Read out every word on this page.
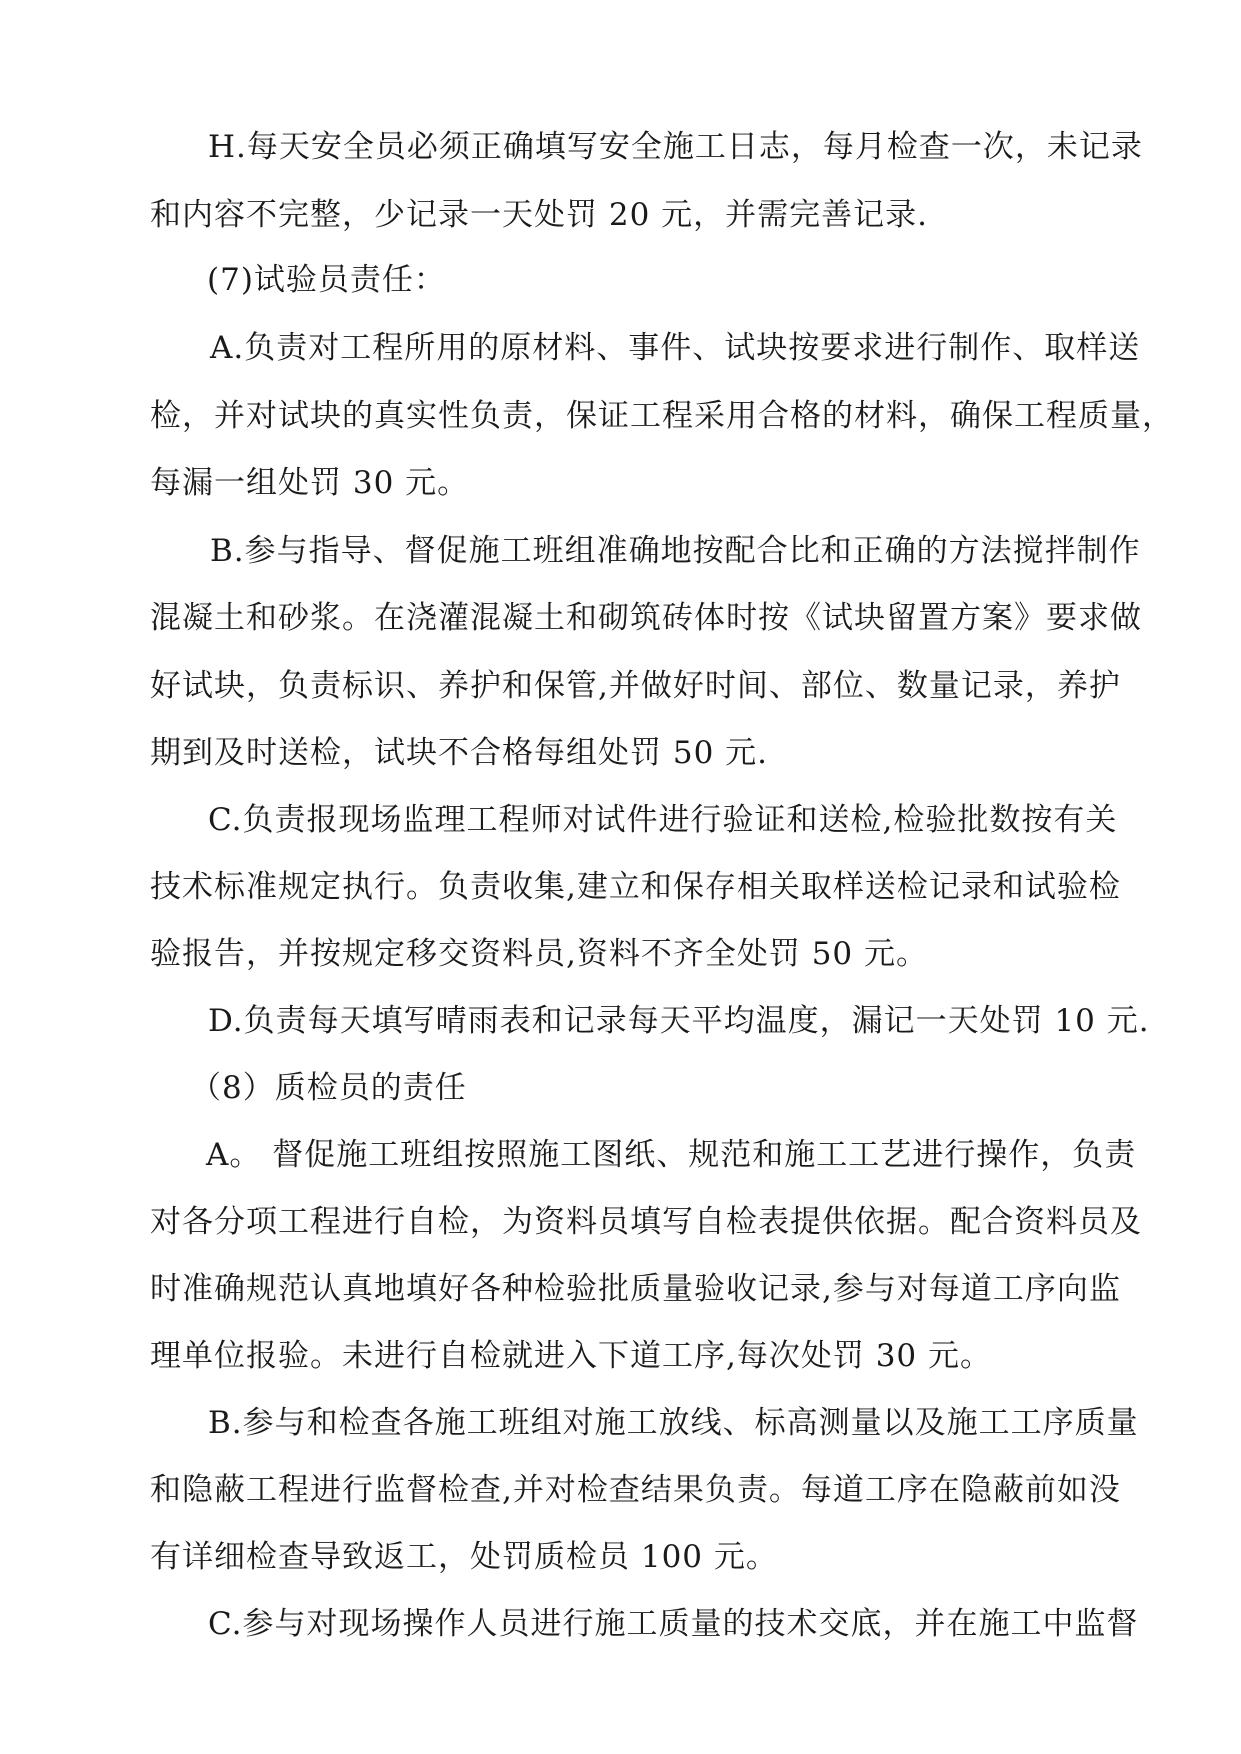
H.每天安全员必须正确填写安全施工日志，每月检查一次，未记录

和内容不完整，少记录一天处罚 20 元，并需完善记录.

(7)试验员责任：

A.负责对工程所用的原材料、事件、试块按要求进行制作、取样送

检，并对试块的真实性负责，保证工程采用合格的材料，确保工程质量，

每漏一组处罚 30 元。

B.参与指导、督促施工班组准确地按配合比和正确的方法搅拌制作

混凝土和砂浆。在浇灌混凝土和砌筑砖体时按《试块留置方案》要求做

好试块，负责标识、养护和保管,并做好时间、部位、数量记录，养护

期到及时送检，试块不合格每组处罚 50 元.

C.负责报现场监理工程师对试件进行验证和送检,检验批数按有关

技术标准规定执行。负责收集,建立和保存相关取样送检记录和试验检

验报告，并按规定移交资料员,资料不齐全处罚 50 元。

D.负责每天填写晴雨表和记录每天平均温度，漏记一天处罚 10 元.

（8）质检员的责任

A。 督促施工班组按照施工图纸、规范和施工工艺进行操作，负责

对各分项工程进行自检，为资料员填写自检表提供依据。配合资料员及

时准确规范认真地填好各种检验批质量验收记录,参与对每道工序向监

理单位报验。未进行自检就进入下道工序,每次处罚 30 元。

B.参与和检查各施工班组对施工放线、标高测量以及施工工序质量

和隐蔽工程进行监督检查,并对检查结果负责。每道工序在隐蔽前如没

有详细检查导致返工，处罚质检员 100 元。

C.参与对现场操作人员进行施工质量的技术交底，并在施工中监督
